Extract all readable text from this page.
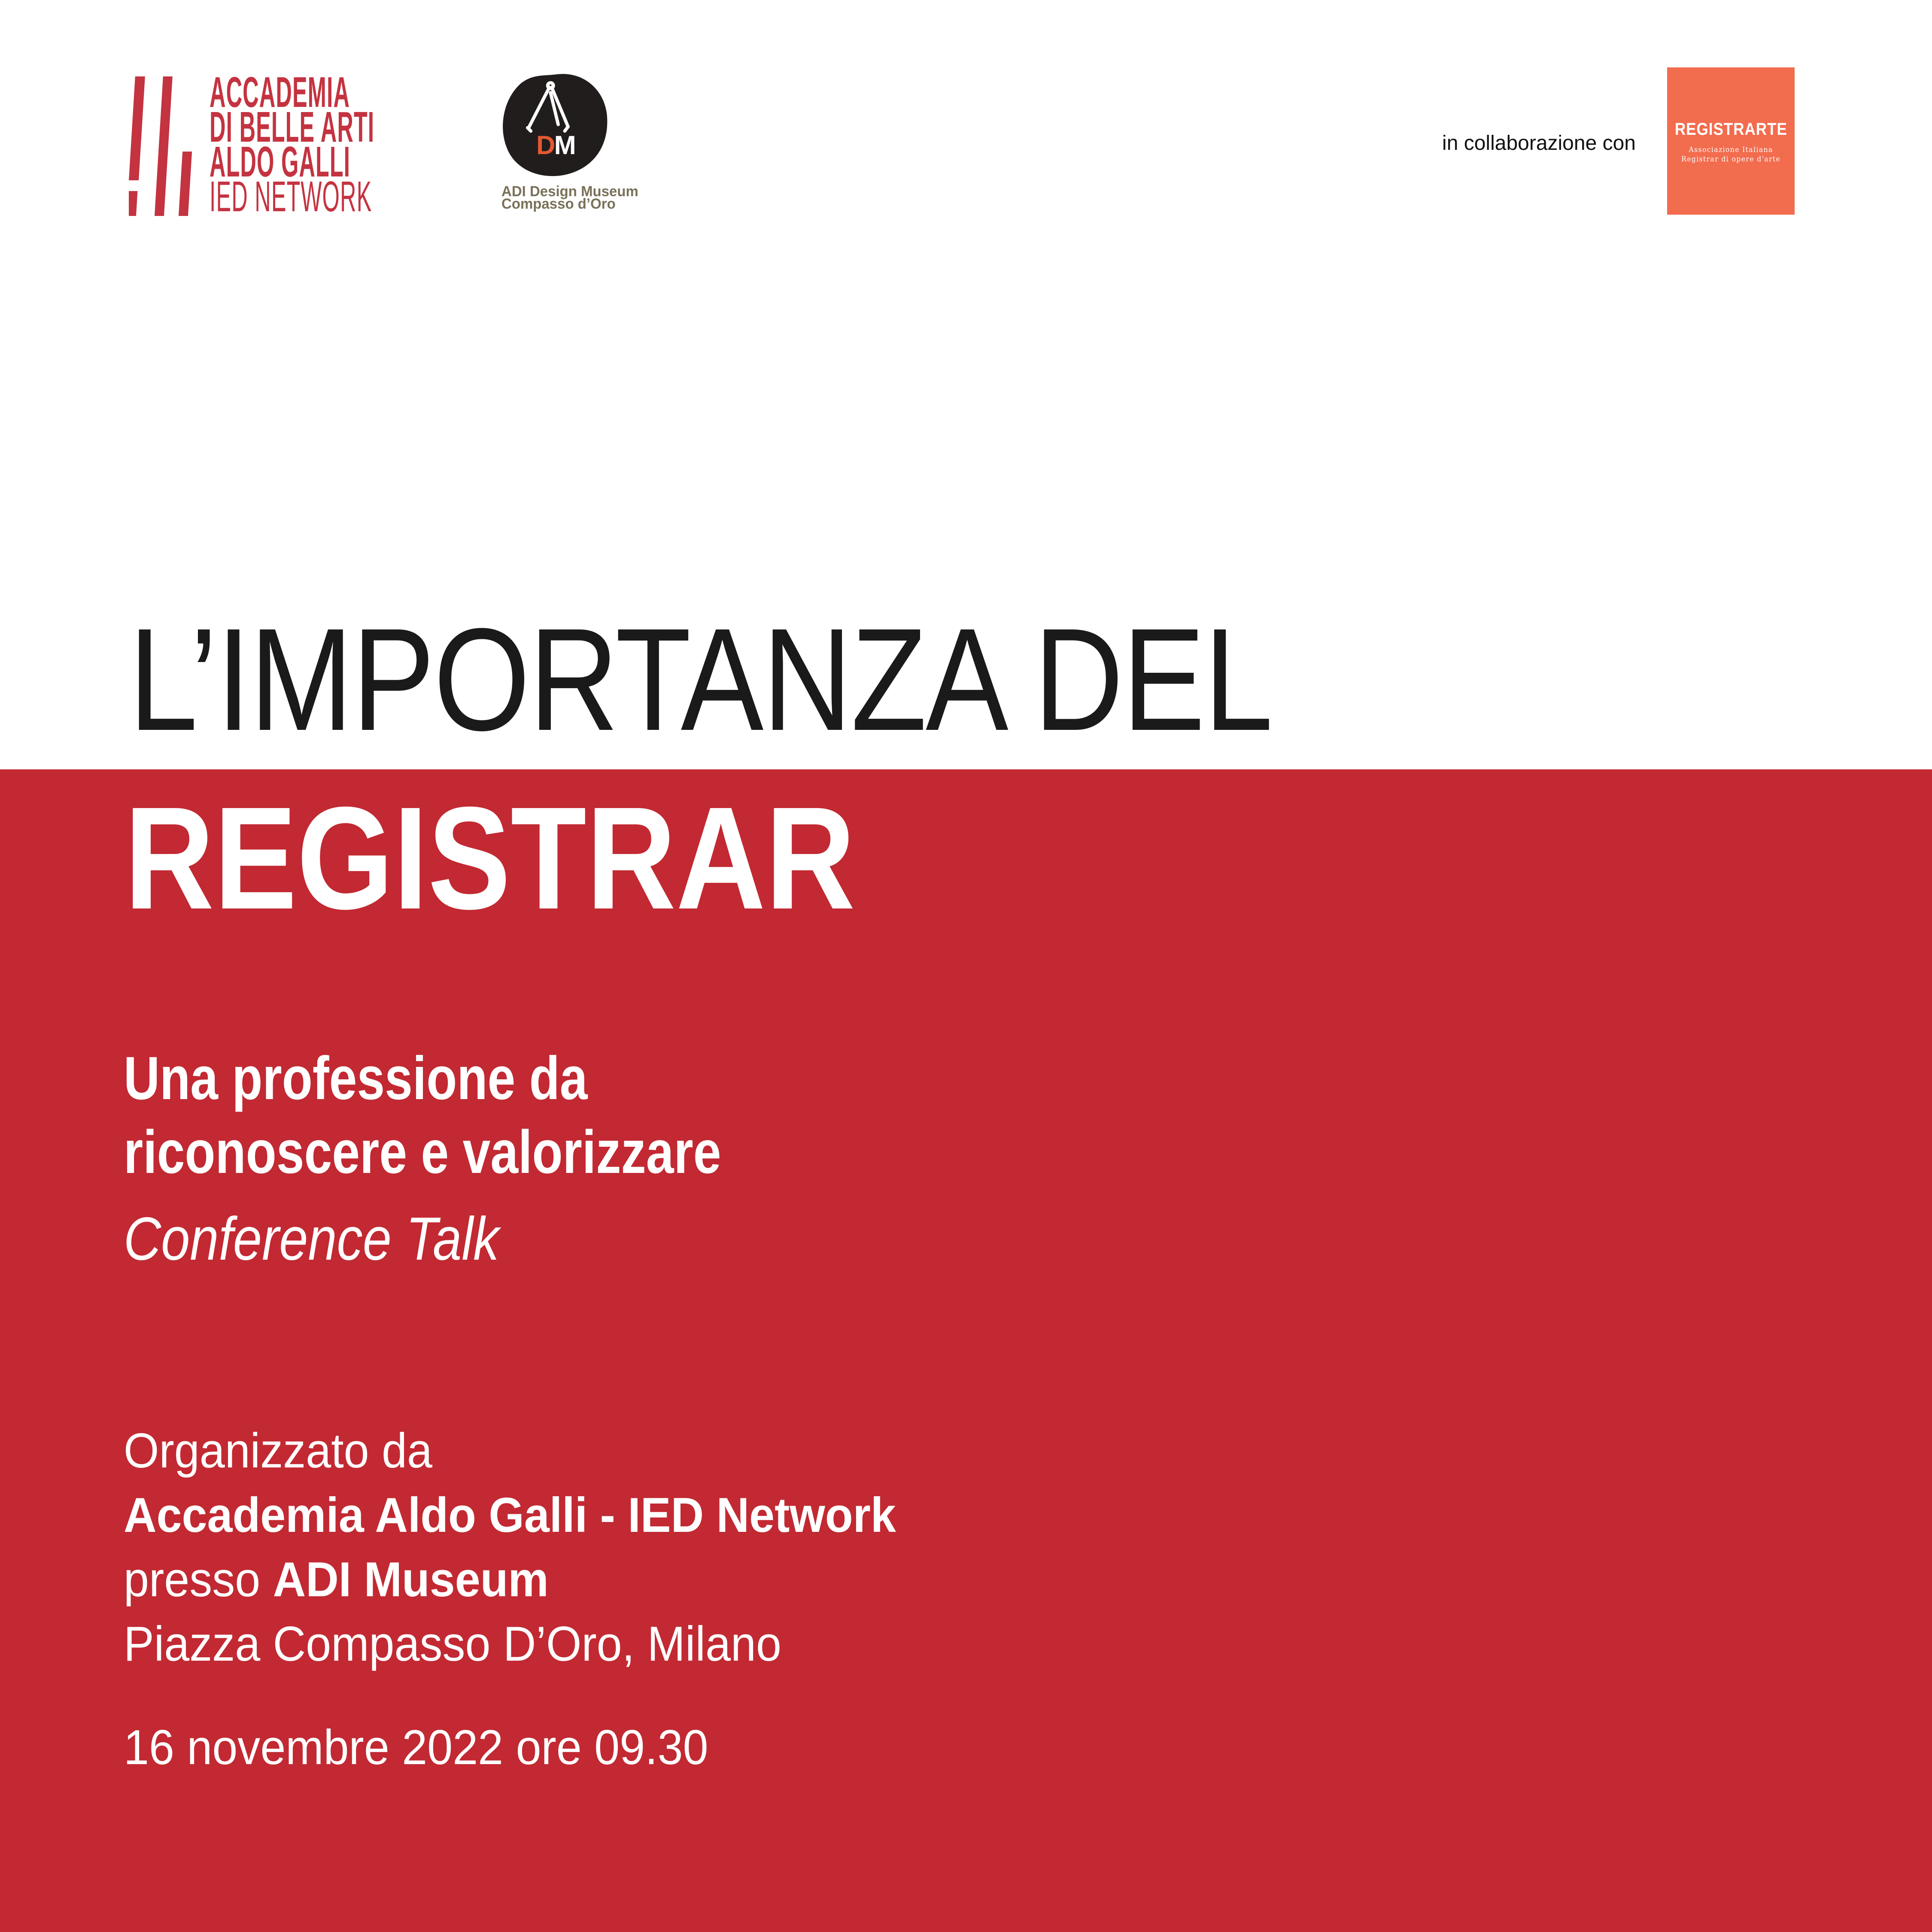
ACCADEMIA
DI BELLE ARTI
ALDO GALLI
IED NETWORK
DM
ADI Design Museum
Compasso d’Oro
in collaborazione con
REGISTRARTE
Associazione Italiana
Registrar di opere d'arte
L’IMPORTANZA DEL
REGISTRAR
Una professione da
riconoscere e valorizzare
Conference Talk
Organizzato da
Accademia Aldo Galli - IED Network
presso ADI Museum
Piazza Compasso D’Oro, Milano
16 novembre 2022 ore 09.30
